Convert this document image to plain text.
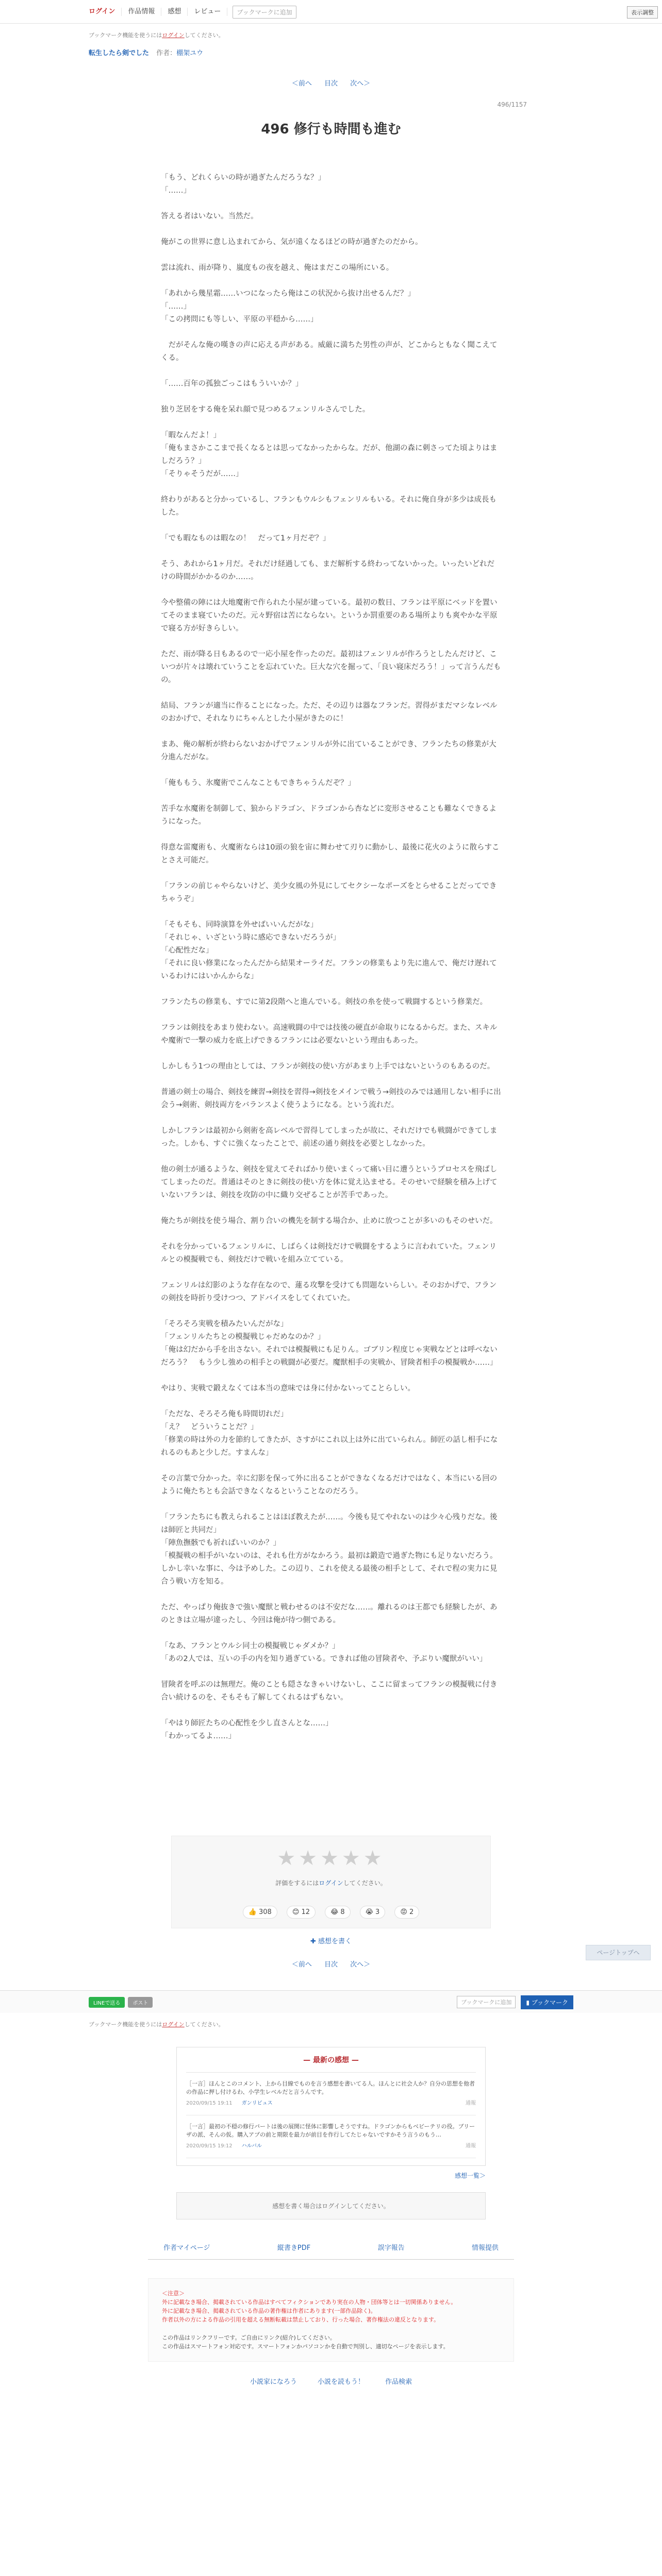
ログイン	作品情報	感想	レビュー	ブックマークに追加	表示調整
ブックマーク機能を使うにはログインしてください。
転生したら剣でした 作者：棚架ユウ
＜前へ 目次 次へ＞
496/1157
496 修行も時間も進む

「もう、どれくらいの時が過ぎたんだろうな？」

「……」

答える者はいない。当然だ。

俺がこの世界に意し込まれてから、気が遠くなるほどの時が過ぎたのだから。

雲は流れ、雨が降り、嵐度もの夜を越え、俺はまだこの場所にいる。

「あれから幾星霜……いつになったら俺はこの状況から抜け出せるんだ？」

「……」

「この拷問にも等しい、平原の平穏から……」

　だがそんな俺の嘆きの声に応える声がある。威厳に満ちた男性の声が、どこからともなく聞こえてくる。

「……百年の孤独ごっこはもういいか？」

独り芝居をする俺を呆れ顔で見つめるフェンリルさんでした。

「暇なんだよ！」

「俺もまさかここまで長くなるとは思ってなかったからな。だが、他湖の森に刺さってた頃よりはましだろう？」

「そりゃそうだが……」

終わりがあると分かっているし、フランもウルシもフェンリルもいる。それに俺自身が多少は成長もした。

「でも暇なものは暇なの！　だって1ヶ月だぞ？」

そう、あれから1ヶ月だ。それだけ経過しても、まだ解析する終わってないかった。いったいどれだけの時間がかかるのか……。

今や整備の陣には大地魔術で作られた小屋が建っている。最初の数日、フランは平原にベッドを置いてそのまま寝ていたのだ。元々野宿は苦にならない。というか罰重要のある場所よりも爽やかな平原で寝る方が好きらしい。

ただ、雨が降る日もあるので一応小屋を作ったのだ。最初はフェンリルが作ろうとしたんだけど、こいつが片々は壊れていうことを忘れていた。巨大な穴を掘って、「良い寝床だろう！」って言うんだもの。

結局、フランが適当に作ることになった。ただ、その辺りは器なフランだ。習得がまだマシなレベルのおかげで、それなりにちゃんとした小屋がきたのに！

まあ、俺の解析が終わらないおかげでフェンリルが外に出ていることができ、フランたちの修業が大分進んだがな。

「俺ももう、氷魔術でこんなこともできちゃうんだぞ？」

苦手な水魔術を制御して、狼からドラゴン、ドラゴンから杏などに変形させることも難なくできるようになった。

得意な雷魔術も、火魔術ならは10頭の狼を宙に舞わせて刃りに動かし、最後に花火のように散らすことさえ可能だ。

「フランの前じゃやらないけど、美少女風の外見にしてセクシーなポーズをとらせることだってできちゃうぞ」

「そもそも、同時演算を外せばいいんだがな」

「それじゃ、いざという時に感応できないだろうが」

「心配性だな」

「それに良い修業になったんだから結果オーライだ。フランの修業もより先に進んで、俺だけ遅れているわけにはいかんからな」

フランたちの修業も、すでに第2段階へと進んでいる。剣技の糸を使って戦闘するという修業だ。

フランは剣技をあまり使わない。高速戦闘の中では技後の硬直が命取りになるからだ。また、スキルや魔術で一撃の威力を底上げできるフランには必要ないという理由もあった。

しかしもう1つの理由としては、フランが剣技の使い方があまり上手ではないというのもあるのだ。

普通の剣士の場合、剣技を練習→剣技を習得→剣技をメインで戦う→剣技のみでは通用しない相手に出会う→剣術、剣技両方をバランスよく使うようになる。という流れだ。

しかしフランは最初から剣術を高レベルで習得してしまったが故に、それだけでも戦闘ができてしまった。しかも、すぐに強くなったことで、前述の通り剣技を必要としなかった。

他の剣士が通るような、剣技を覚えてそればかり使いまくって痛い目に遭うというプロセスを飛ばしてしまったのだ。普通はそのときに剣技の使い方を体に覚え込ませる。そのせいで経験を積み上げていないフランは、剣技を攻防の中に織り交ぜることが苦手であった。

俺たちが剣技を使う場合、割り合いの機先を制する場合か、止めに放つことが多いのもそのせいだ。

それを分かっているフェンリルに、しばらくは剣技だけで戦闘をするように言われていた。フェンリルとの模擬戦でも、剣技だけで戦いを組み立てている。

フェンリルは幻影のような存在なので、蓮る攻撃を受けても問題ないらしい。そのおかげで、フランの剣技を時折り受けつつ、アドバイスをしてくれていた。

「そろそろ実戦を積みたいんだがな」

「フェンリルたちとの模擬戦じゃだめなのか？」

「俺は幻だから手を出さない。それでは模擬戦にも足りん。ゴブリン程度じゃ実戦などとは呼べないだろう？　もう少し強めの相手との戦闘が必要だ。魔獣相手の実戦か、冒険者相手の模擬戦か……」

やはり、実戦で鍛えなくては本当の意味では身に付かないってことらしい。

「ただな、そろそろ俺も時間切れだ」

「え？　どういうことだ？」

「修業の時は外の力を節約してきたが、さすがにこれ以上は外に出ていられん。師匠の話し相手になれるのもあと少しだ。すまんな」

その言葉で分かった。幸に幻影を保って外に出ることができなくなるだけではなく、本当にいる回のように俺たちとも会話できなくなるということなのだろう。

「フランたちにも教えられることはほぼ教えたが……。今後も見てやれないのは少々心残りだな。後は師匠と共同だ」

「陣魚撫骸でも祈ればいいのか？」

「模擬戦の相手がいないのは、それも仕方がなかろう。最初は鍛造で過ぎた物にも足りないだろう。しかし幸いな事に、今は予めした。この辺り、これを使える最後の相手として、それで程の実力に見合う戦い方を知る。

ただ、やっぱり俺抜きで強い魔獣と戦わせるのは不安だな……。離れるのは王都でも経験したが、あのときは立場が違ったし、今回は俺が待つ側である。

「なあ、フランとウルシ同士の模擬戦じゃダメか？」

「あの2人では、互いの手の内を知り過ぎている。できれば他の冒険者や、予ぶりい魔獣がいい」

冒険者を呼ぶのは無理だ。俺のことも隠さなきゃいけないし、ここに留まってフランの模擬戦に付き合い続けるのを、そもそも了解してくれるはずもない。

「やはり師匠たちの心配性を少し直さんとな……」

「わかってるよ……」

★★★★★
評価をするにはログインしてください。
👍 308	😊 12	😂 8	😭 3	😡 2
✚ 感想を書く
＜前へ 目次 次へ＞
LINEで送る	ポスト	ブックマークに追加	▮ ブックマーク
ブックマーク機能を使うにはログインしてください。
— 最新の感想 —
［一言］ほんとこのコメント、上から目線でものを言う感想を書いてる人。ほんとに社会人か？自分の思想を他者の作品に押し付けるわ、小学生レベルだと言うんです。
2020/09/15 19:11 ガンリビュス	通報
［一言］最初の不穏の修行パートは後の展開に怪体に影響しそうですね。ドラゴンからもベビーテリの役。ブリーザの派、そんの仮。購入アプの前と期限を最力が前目を作行してたじゃないですかそう言うのもう…
2020/09/15 19:12 ハルバル	通報
感想一覧＞
感想を書く場合はログインしてください。
作者マイページ	縦書きPDF	誤字報告	情報提供
＜注意＞
外に記載なき場合、掲載されている作品はすべてフィクションであり実在の人物・団体等とは一切関係ありません。
外に記載なき場合、掲載されている作品の著作権は作者にあります(一部作品除く)。
作者以外の方による作品の引用を超える無断転載は禁止しており、行った場合、著作権法の違反となります。
この作品はリンクフリーです。ご自由にリンク(紹介)してください。
この作品はスマートフォン対応です。スマートフォンかパソコンかを自動で判別し、適切なページを表示します。
小説家になろう	小説を読もう！	作品検索
ページトップへ
